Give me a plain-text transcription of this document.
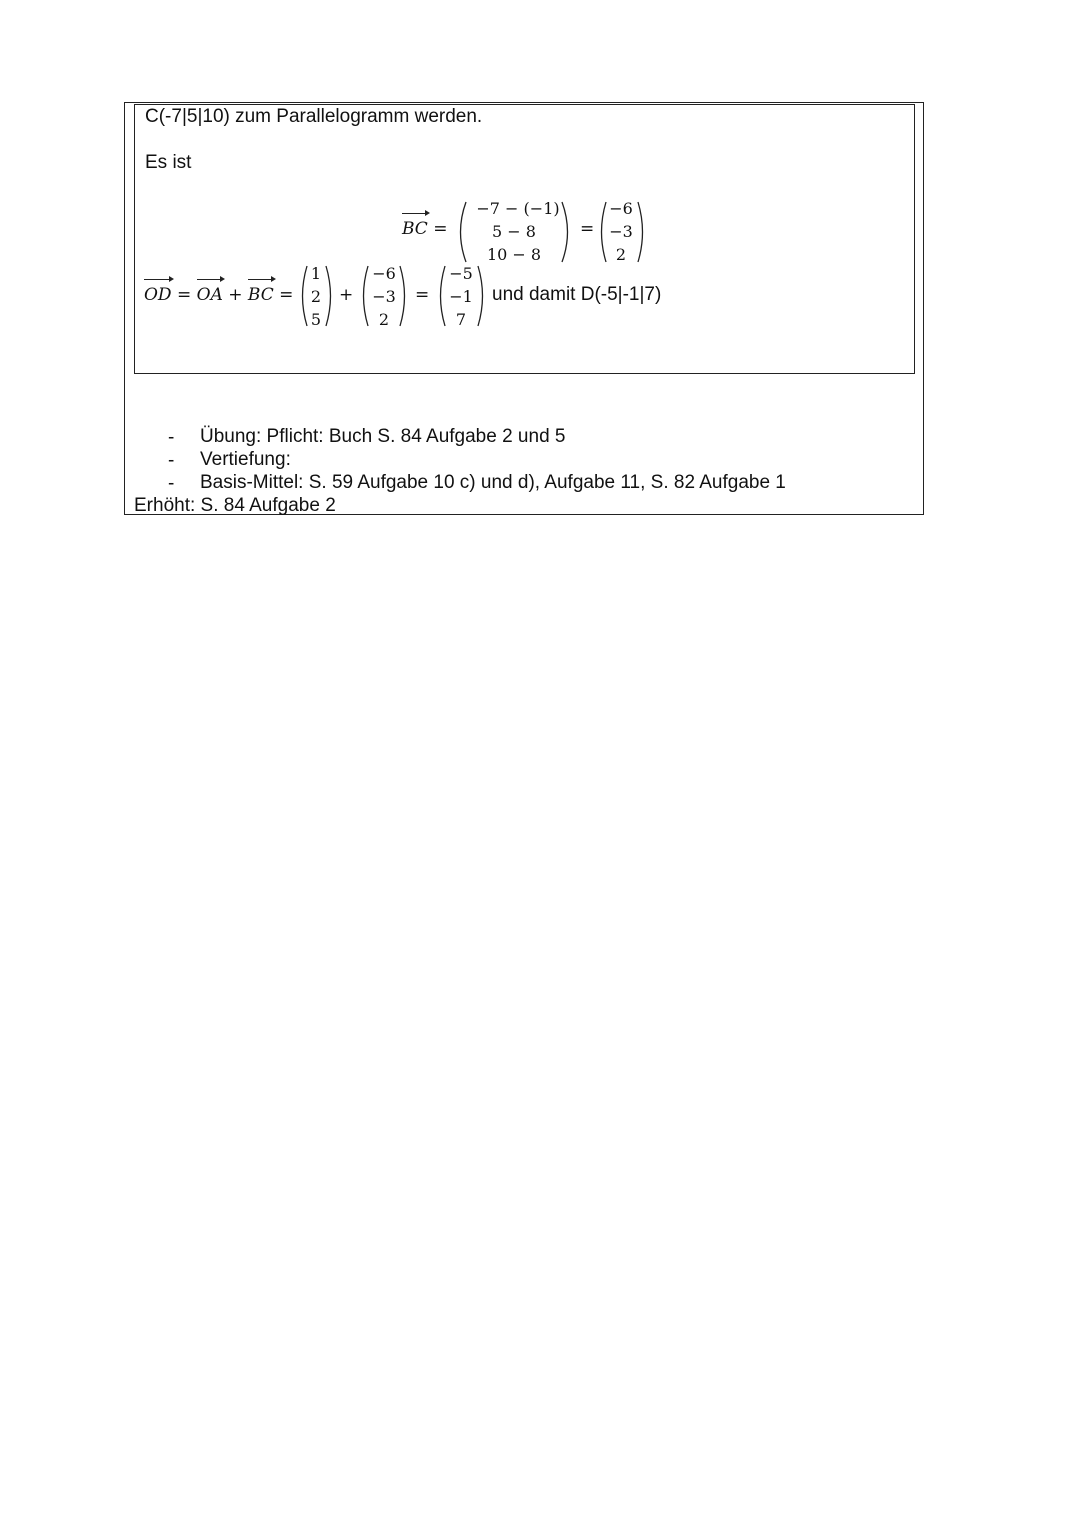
C(-7|5|10) zum Parallelogramm werden.
Es ist
BC =
−7 − (−1)
5 − 8
10 − 8
=
−6
−3
2
OD = OA + BC =
1
2
5
+
−6
−3
2
=
−5
−1
7
und damit D(-5|-1|7)
- Übung: Pflicht: Buch S. 84 Aufgabe 2 und 5
- Vertiefung:
- Basis-Mittel: S. 59 Aufgabe 10 c) und d), Aufgabe 11, S. 82 Aufgabe 1
Erhöht: S. 84 Aufgabe 2
